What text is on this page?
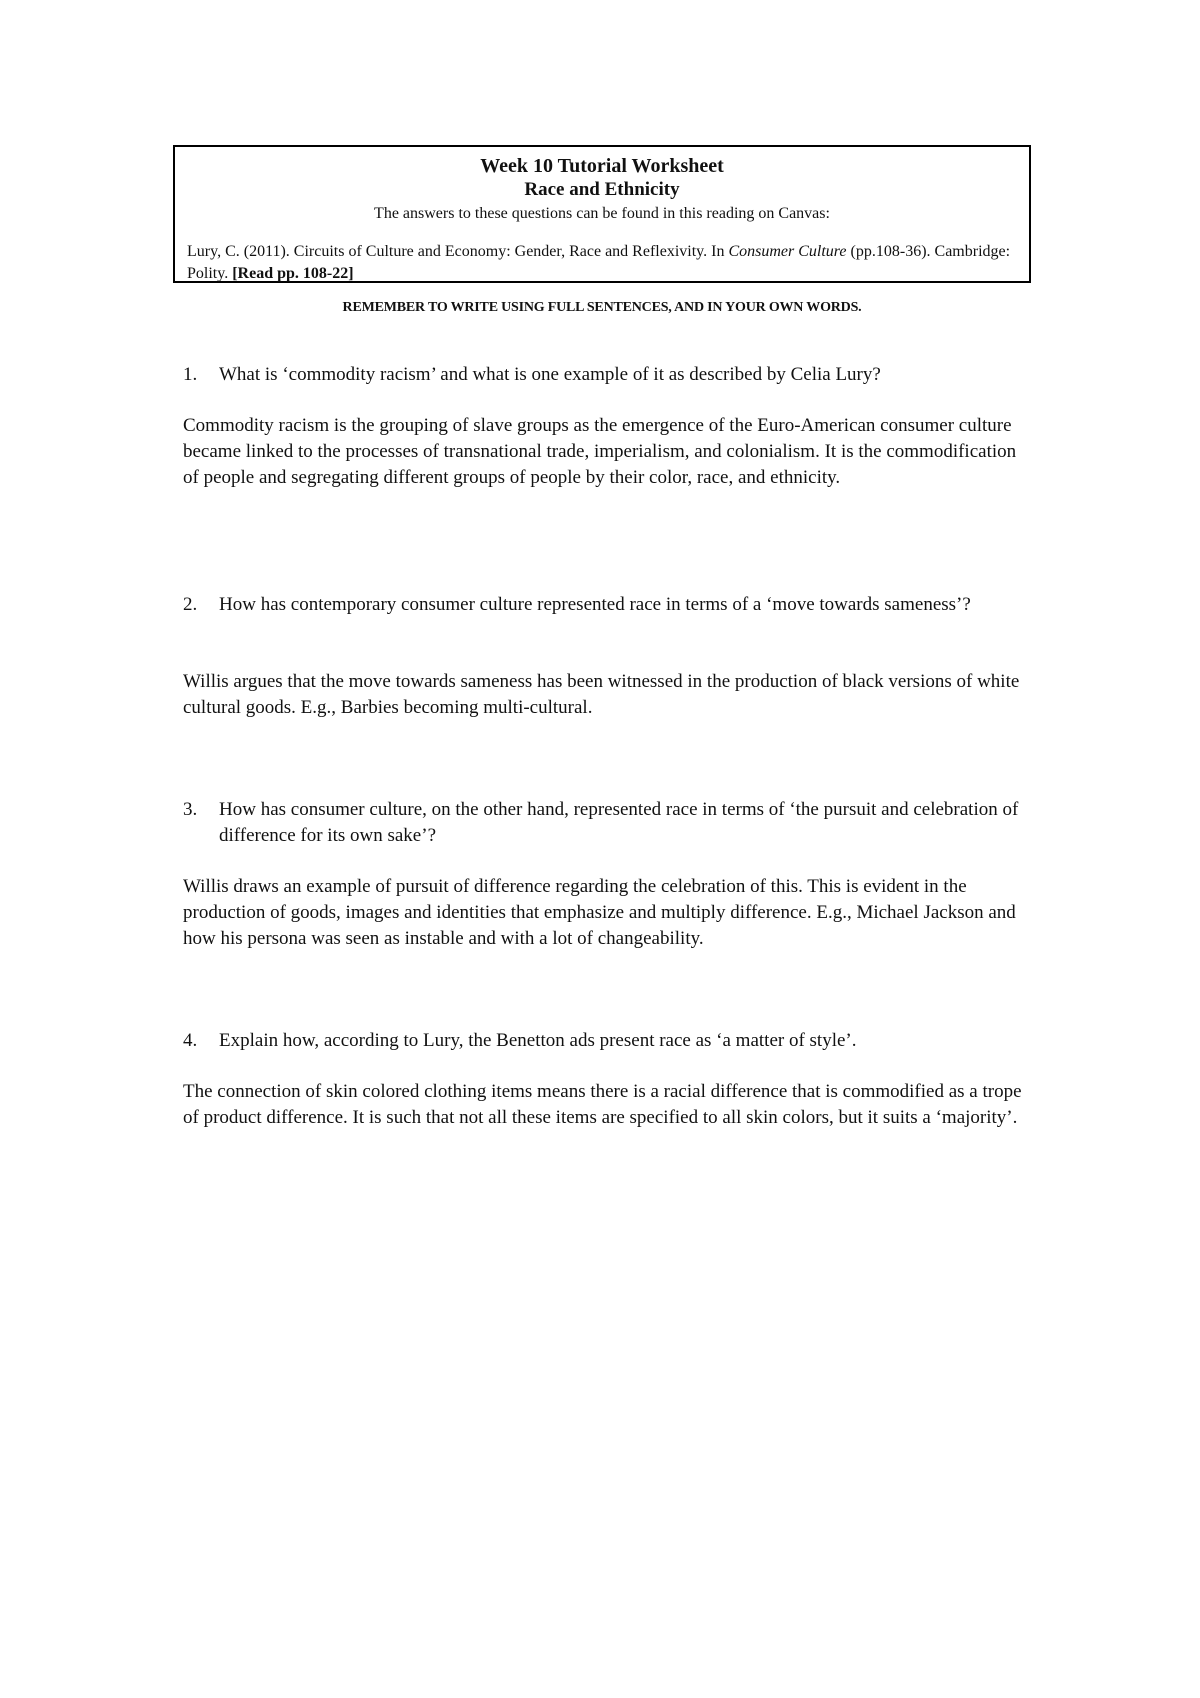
Week 10 Tutorial Worksheet
Race and Ethnicity
The answers to these questions can be found in this reading on Canvas:
Lury, C. (2011). Circuits of Culture and Economy: Gender, Race and Reflexivity. In Consumer Culture (pp.108-36). Cambridge: Polity. [Read pp. 108-22]
REMEMBER TO WRITE USING FULL SENTENCES, AND IN YOUR OWN WORDS.
1. What is ‘commodity racism’ and what is one example of it as described by Celia Lury?
Commodity racism is the grouping of slave groups as the emergence of the Euro-American consumer culture became linked to the processes of transnational trade, imperialism, and colonialism. It is the commodification of people and segregating different groups of people by their color, race, and ethnicity.
2. How has contemporary consumer culture represented race in terms of a ‘move towards sameness’?
Willis argues that the move towards sameness has been witnessed in the production of black versions of white cultural goods. E.g., Barbies becoming multi-cultural.
3. How has consumer culture, on the other hand, represented race in terms of ‘the pursuit and celebration of difference for its own sake’?
Willis draws an example of pursuit of difference regarding the celebration of this. This is evident in the production of goods, images and identities that emphasize and multiply difference. E.g., Michael Jackson and how his persona was seen as instable and with a lot of changeability.
4. Explain how, according to Lury, the Benetton ads present race as ‘a matter of style’.
The connection of skin colored clothing items means there is a racial difference that is commodified as a trope of product difference. It is such that not all these items are specified to all skin colors, but it suits a ‘majority’.
